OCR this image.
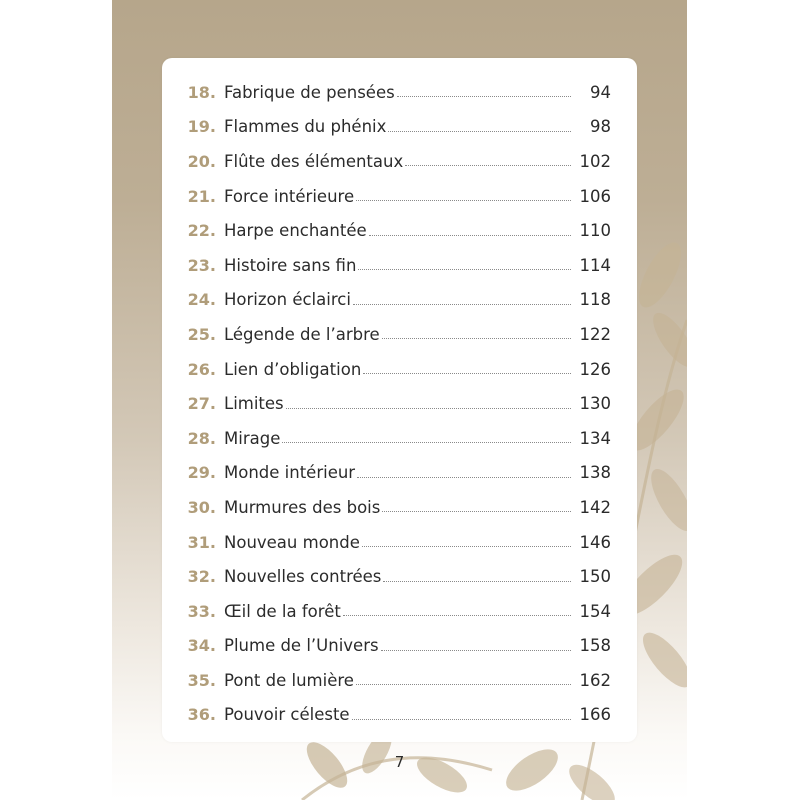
18. Fabrique de pensées	94
19. Flammes du phénix	98
20. Flûte des élémentaux	102
21. Force intérieure	106
22. Harpe enchantée	110
23. Histoire sans fin	114
24. Horizon éclairci	118
25. Légende de l’arbre	122
26. Lien d’obligation	126
27. Limites	130
28. Mirage	134
29. Monde intérieur	138
30. Murmures des bois	142
31. Nouveau monde	146
32. Nouvelles contrées	150
33. Œil de la forêt	154
34. Plume de l’Univers	158
35. Pont de lumière	162
36. Pouvoir céleste	166
7
